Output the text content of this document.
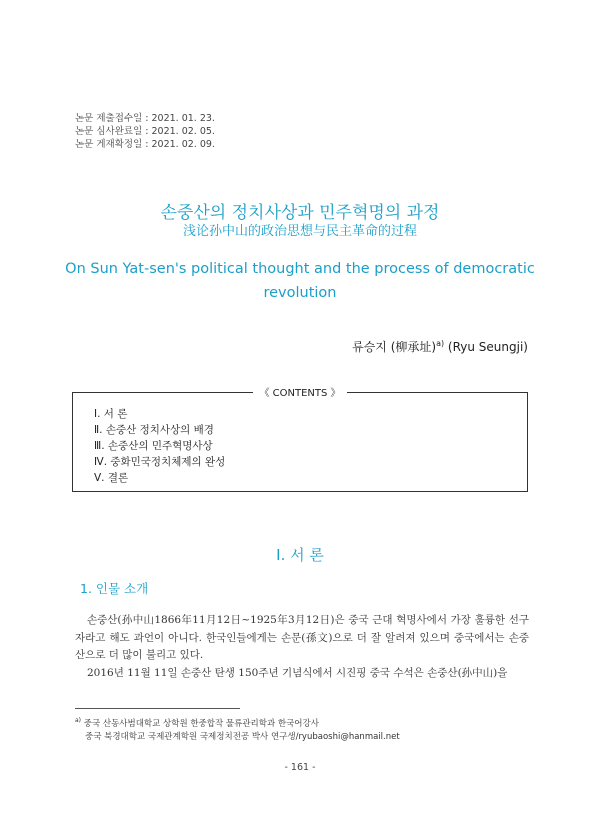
논문 제출접수일 : 2021. 01. 23.
논문 심사완료일 : 2021. 02. 05.
논문 게재확정일 : 2021. 02. 09.
손중산의 정치사상과 민주혁명의 과정
浅论孙中山的政治思想与民主革命的过程
On Sun Yat-sen's political thought and the process of democratic revolution
류승지 (柳承址)$^{a)}$ (Ryu Seungji)
《 CONTENTS 》
Ⅰ. 서 론
Ⅱ. 손중산 정치사상의 배경
Ⅲ. 손중산의 민주혁명사상
Ⅳ. 중화민국정치체제의 완성
Ⅴ. 결론
Ⅰ. 서 론
1. 인물 소개

손중산(孙中山1866年11月12日~1925年3月12日)은 중국 근대 혁명사에서 가장 훌륭한 선구자라고 해도 과언이 아니다. 한국인들에게는 손문(孫文)으로 더 잘 알려져 있으며 중국에서는 손중산으로 더 많이 불리고 있다.

2016년 11월 11일 손중산 탄생 150주년 기념식에서 시진핑 중국 수석은 손중산(孙中山)을

$^{a)}$ 중국 산동사범대학교 상학원 한중합작 물류관리학과 한국어강사
중국 북경대학교 국제관계학원 국제정치전공 박사 연구생/ryubaoshi@hanmail.net
- 161 -
